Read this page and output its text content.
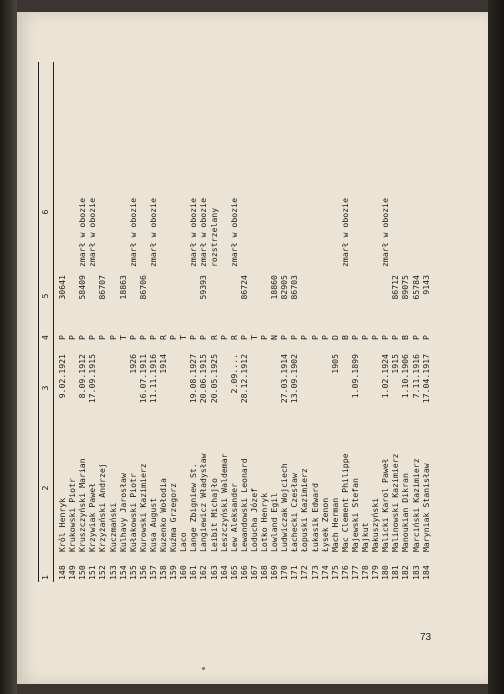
1
2
3
4
5
6
148
Król Henryk
9.02.1921
P
30641
149
Krukowski Piotr
P
150
Kruszczyński Marian
8.09.1912
P
58409
zmarł w obozie
151
Krzywiak Paweł
17.09.1915
P
zmarł w obozie
152
Krzyżański Andrzej
P
86707
153
Kuczmański
P
154
Kulhavy Jarosław
T
18863
155
Kułakowski Piotr
1926
P
zmarł w obozie
156
Kurowski Kazimierz
16.07.1911
P
86706
157
Kusa August
11.11.1916
P
zmarł w obozie
158
Kuzenko Wołodia
1914
R
159
Kuźma Grzegorz
P
160
Laco
T
161
Lange Zbigniew St.
19.08.1927
P
zmarł w obozie
162
Langiewicz Władysław
20.06.1915
P
59393
zmarł w obozie
163
Leibit Michajło
20.05.1925
R
rozstrzelany
164
Leszczyński Waldemar
P
165
Lew Aleksander
2.09....
R
zmarł w obozie
166
Lewandowski Leonard
28.12.1912
P
86724
167
Loducha Józef
T
168
Lotko Henryk
P
169
Lowland Egil
N
18860
170
Ludwiczak Wojciech
27.03.1914
P
82905
171
Łachecki Czesław
13.09.1902
P
86703
172
Łopuski Kazimierz
P
173
Łukasik Edward
P
174
Łysek Zenon
P
175
Mach Herman
1905
D
176
Mac Clement Philippe
B
zmarł w obozie
177
Majewski Stefan
1.09.1899
P
178
Majkut
P
179
Makuszyński
P
180
Malicki Karol Paweł
1.02.1924
P
zmarł w obozie
181
Malinowski Kazimierz
1915
P
86712
182
Manoukian Dikran
1.10.1906
B
89075
183
Marciński Kazimierz
7.11.1916
P
65784
184
Maryniak Stanisław
17.04.1917
P
9143
73
